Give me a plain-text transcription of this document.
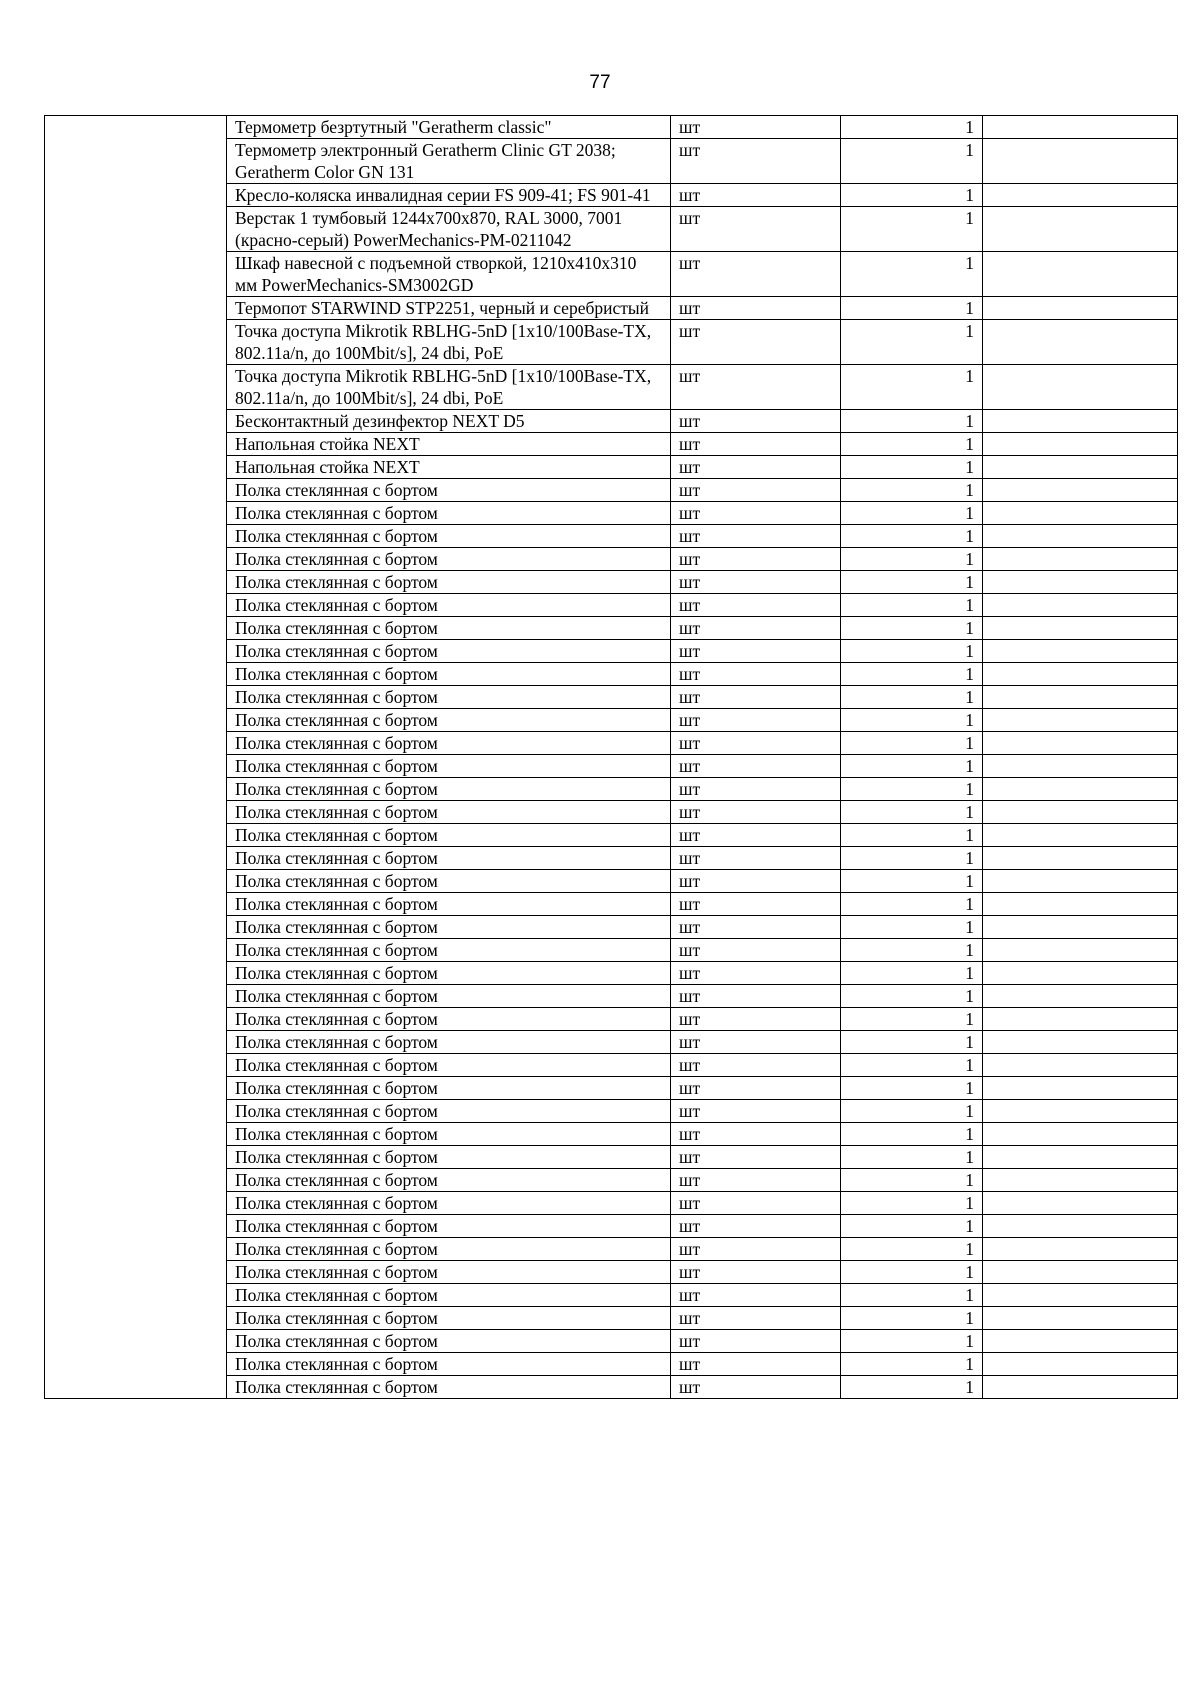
77
	Термометр безртутный "Geratherm classic"	шт	1	
	Термометр электронный Geratherm Clinic GT 2038; Geratherm Color GN 131	шт	1	
	Кресло-коляска инвалидная серии FS 909-41; FS 901-41	шт	1	
	Верстак 1 тумбовый 1244x700x870, RAL 3000, 7001 (красно-серый) PowerMechanics-PM-0211042	шт	1	
	Шкаф навесной с подъемной створкой, 1210x410x310 мм PowerMechanics-SM3002GD	шт	1	
	Термопот STARWIND STP2251, черный и серебристый	шт	1	
	Точка доступа Mikrotik RBLHG-5nD [1x10/100Base-TX, 802.11a/n, до 100Mbit/s], 24 dbi, PoE	шт	1	
	Точка доступа Mikrotik RBLHG-5nD [1x10/100Base-TX, 802.11a/n, до 100Mbit/s], 24 dbi, PoE	шт	1	
	Бесконтактный дезинфектор NEXT D5	шт	1	
	Напольная стойка NEXT	шт	1	
	Напольная стойка NEXT	шт	1	
	Полка стеклянная с бортом	шт	1	
	Полка стеклянная с бортом	шт	1	
	Полка стеклянная с бортом	шт	1	
	Полка стеклянная с бортом	шт	1	
	Полка стеклянная с бортом	шт	1	
	Полка стеклянная с бортом	шт	1	
	Полка стеклянная с бортом	шт	1	
	Полка стеклянная с бортом	шт	1	
	Полка стеклянная с бортом	шт	1	
	Полка стеклянная с бортом	шт	1	
	Полка стеклянная с бортом	шт	1	
	Полка стеклянная с бортом	шт	1	
	Полка стеклянная с бортом	шт	1	
	Полка стеклянная с бортом	шт	1	
	Полка стеклянная с бортом	шт	1	
	Полка стеклянная с бортом	шт	1	
	Полка стеклянная с бортом	шт	1	
	Полка стеклянная с бортом	шт	1	
	Полка стеклянная с бортом	шт	1	
	Полка стеклянная с бортом	шт	1	
	Полка стеклянная с бортом	шт	1	
	Полка стеклянная с бортом	шт	1	
	Полка стеклянная с бортом	шт	1	
	Полка стеклянная с бортом	шт	1	
	Полка стеклянная с бортом	шт	1	
	Полка стеклянная с бортом	шт	1	
	Полка стеклянная с бортом	шт	1	
	Полка стеклянная с бортом	шт	1	
	Полка стеклянная с бортом	шт	1	
	Полка стеклянная с бортом	шт	1	
	Полка стеклянная с бортом	шт	1	
	Полка стеклянная с бортом	шт	1	
	Полка стеклянная с бортом	шт	1	
	Полка стеклянная с бортом	шт	1	
	Полка стеклянная с бортом	шт	1	
	Полка стеклянная с бортом	шт	1	
	Полка стеклянная с бортом	шт	1	
	Полка стеклянная с бортом	шт	1	
	Полка стеклянная с бортом	шт	1	
	Полка стеклянная с бортом	шт	1	
